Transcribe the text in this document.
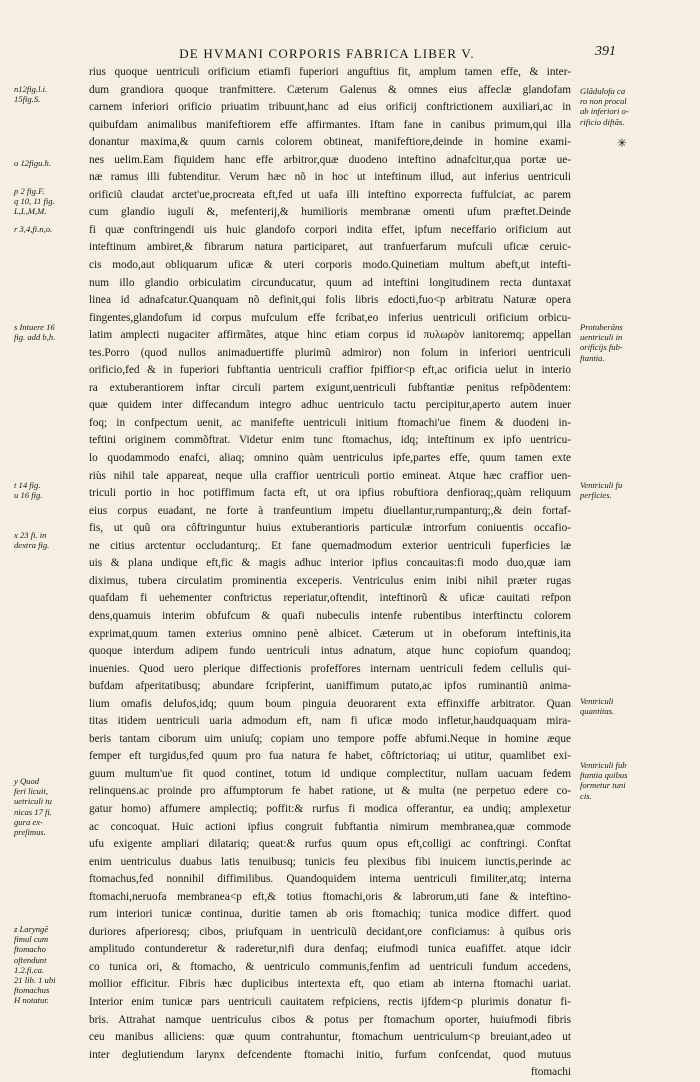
DE HVMANI CORPORIS FABRICA LIBER V.	391
rius quoque uentriculi orificium etiamfi fuperiori anguftius fit, amplum tamen effe, & inter-
dum grandiora quoque tranfmittere. Cæterum Galenus & omnes eius affeclæ glandofam
carnem inferiori orificio priuatim tribuunt,hanc ad eius orificij conftrictionem auxiliari,ac in
quibufdam animalibus manifeftiorem effe affirmantes. Iftam fane in canibus primum,qui illa
donantur maxima,& quum carnis colorem obtineat, manifeftiore,deinde in homine exami-
nes uelim.Eam fiquidem hanc effe arbitror,quæ duodeno inteftino adnafcitur,qua portæ ue-
næ ramus illi fubtenditur. Verum hæc nõ in hoc ut inteftinum illud, aut inferius uentriculi
orificiũ claudat arctet'ue,procreata eft,fed ut uafa illi inteftino exporrecta fuffulciat, ac parem
cum glandio iuguli &, mefenterij,& humilioris membranæ omenti ufum præftet.Deinde
fi quæ conftringendi uis huic glandofo corpori indita effet, ipfum neceffario orificium aut
inteftinum ambiret,& fibrarum natura participaret, aut tranfuerfarum mufculi uficæ ceruic-
cis modo,aut obliquarum uficæ & uteri corporis modo.Quinetiam multum abeft,ut intefti-
num illo glandio orbiculatim circunducatur, quum ad inteftini longitudinem recta duntaxat
linea id adnafcatur.Quanquam nõ definit,qui folis libris edocti,fuo<p arbitratu Naturæ opera
fingentes,glandofum id corpus mufculum effe fcribat,eo inferius uentriculi orificium orbicu-
latim amplecti nugaciter affirmãtes, atque hinc etiam corpus id πυλωρὸν ianitoremq; appellan
tes.Porro (quod nullos animaduertiffe plurimũ admiror) non folum in inferiori uentriculi
orificio,fed & in fuperiori fubftantia uentriculi craffior fpiffior<p eft,ac orificia uelut in interio
ra extuberantiorem inftar circuli partem exigunt,uentriculi fubftantiæ penitus refpõdentem:
quæ quidem inter diffecandum integro adhuc uentriculo tactu percipitur,aperto autem inuer
foq; in confpectum uenit, ac manifefte uentriculi initium ftomachi'ue finem & duodeni in-
teftini originem commõftrat. Videtur enim tunc ftomachus, idq; inteftinum ex ipfo uentricu-
lo quodammodo enafci, aliaq; omnino quàm uentriculus ipfe,partes effe, quum tamen exte
riùs nihil tale appareat, neque ulla craffior uentriculi portio emineat. Atque hæc craffior uen-
triculi portio in hoc potiffimum facta eft, ut ora ipfius robuftiora denfioraq;,quàm reliquum
eius corpus euadant, ne forte à tranfeuntium impetu diuellantur,rumpanturq;,& dein fortaf-
fis, ut quũ ora côftringuntur huius extuberantioris particulæ introrfum coniuentis occafio-
ne citius arctentur occludanturq;. Et fane quemadmodum exterior uentriculi fuperficies læ
uis & plana undique eft,fic & magis adhuc interior ipfius concauitas:fi modo duo,quæ iam
diximus, tubera circulatim prominentia exceperis. Ventriculus enim inibi nihil præter rugas
quafdam fi uehementer conftrictus reperiatur,oftendit, inteftinorũ & uficæ cauitati refpon
dens,quamuis interim obfufcum & quafi nubeculis intenfe rubentibus interftinctu colorem
exprimat,quum tamen exterius omnino penè albicet. Cæterum ut in obeforum inteftinis,ita
quoque interdum adipem fundo uentriculi intus adnatum, atque hunc copiofum quandoq;
inuenies. Quod uero plerique diffectionis profeffores internam uentriculi fedem cellulis qui-
bufdam afperitatibusq; abundare fcripferint, uaniffimum putato,ac ipfos ruminantiũ anima-
lium omafis delufos,idq; quum boum pinguia deuorarent exta effinxiffe arbitrator. Quan
titas itidem uentriculi uaria admodum eft, nam fi uficæ modo infletur,haudquaquam mira-
beris tantam ciborum uim uniuſq; copiam uno tempore poffe abfumi.Neque in homine æque
femper eft turgidus,fed quum pro fua natura fe habet, côftrictoriaq; ui utitur, quamlibet exi-
guum multum'ue fit quod continet, totum id undique complectitur, nullam uacuam fedem
relinquens.ac proinde pro affumptorum fe habet ratione, ut & multa (ne perpetuo edere co-
gatur homo) affumere amplectiq; poffit:& rurfus fi modica offerantur, ea undiq; amplexetur
ac concoquat. Huic actioni ipfius congruit fubftantia nimirum membranea,quæ commode
ufu exigente ampliari dilatariq; queat:& rurfus quum opus eft,colligi ac conftringi. Conftat
enim uentriculus duabus latis tenuibusq; tunicis feu plexibus fibi inuicem iunctis,perinde ac
ftomachus,fed nonnihil diffimilibus. Quandoquidem interna uentriculi fimiliter,atq; interna
ftomachi,neruofa membranea<p eft,& totius ftomachi,oris & labrorum,uti fane & inteftino-
rum interiori tunicæ continua, duritie tamen ab oris ftomachiq; tunica modice differt. quod
duriores afperioresq; cibos, priufquam in uentriculũ decidant,ore conficiamus: à quibus oris
amplitudo contunderetur & raderetur,nifi dura denfaq; eiufmodi tunica euafiffet. atque idcir
co tunica ori, & ftomacho, & uentriculo communis,fenfim ad uentriculi fundum accedens,
mollior efficitur. Fibris hæc duplicibus intertexta eft, quo etiam ab interna ftomachi uariat.
Interior enim tunicæ pars uentriculi cauitatem refpiciens, rectis ijfdem<p plurimis donatur fi-
bris. Attrahat namque uentriculus cibos & potus per ftomachum oporter, huiufmodi fibris
ceu manibus alliciens: quæ quum contrahuntur, ftomachum uentriculum<p breuiant,adeo ut
inter deglutiendum larynx defcendente ftomachi initio, furfum confcendat, quod mutuus
ftomachi
n12fig.l.i.
15fig.S.
o 12figu.h.
p 2 fig.F.
q 10, 11 fig.
L,L,M,M.
r 3,4,fi.n,o.
s Intuere 16
fig. add b,h.
t 14 fig.
u 16 fig.
x 23 fi. in
dextra fig.
y Quod
feri licuit,
uetriculi tu
nicas 17 fi.
gura ex-
preſimus.
z Laryngē
fimul cum
ftomacho
oftendunt
1.2.fi.ca.
21 lib. 1 ubi
ftomachus
H notatur.
Glãdulofa ca
ro non procul
ab inferiori o-
rificio diftās.
Protuberãns
uentriculi in
orificijs fub-
ftantia.
Ventriculi fu
perficies.
Ventriculi
quantitas.
Ventriculi fub
ftantia quibus
formetur tuni
cis.
✳
